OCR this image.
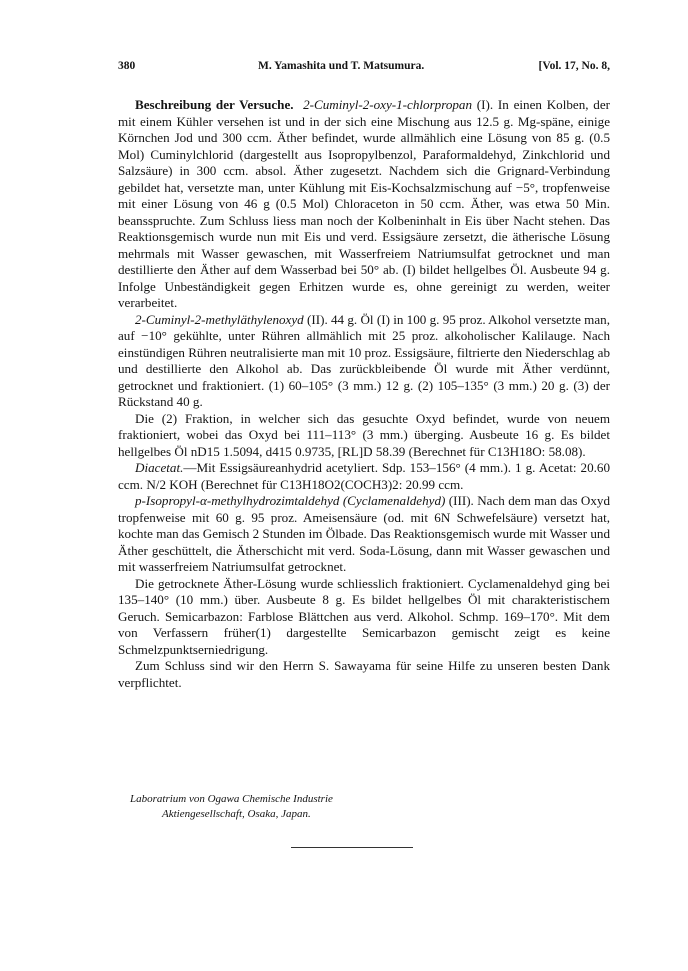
380	M. Yamashita und T. Matsumura.	[Vol. 17, No. 8,

Beschreibung der Versuche. 2-Cuminyl-2-oxy-1-chlorpropan (I). In einen Kolben, der mit einem Kühler versehen ist und in der sich eine Mischung aus 12.5 g. Mg-späne, einige Körnchen Jod und 300 ccm. Äther befindet, wurde allmählich eine Lösung von 85 g. (0.5 Mol) Cuminylchlorid (dargestellt aus Isopropylbenzol, Paraformaldehyd, Zinkchlorid und Salzsäure) in 300 ccm. absol. Äther zugesetzt. Nachdem sich die Grignard-Verbindung gebildet hat, versetzte man, unter Kühlung mit Eis-Kochsalzmischung auf −5°, tropfenweise mit einer Lösung von 46 g (0.5 Mol) Chloraceton in 50 ccm. Äther, was etwa 50 Min. beansspruchte. Zum Schluss liess man noch der Kolbeninhalt in Eis über Nacht stehen. Das Reaktionsgemisch wurde nun mit Eis und verd. Essigsäure zersetzt, die ätherische Lösung mehrmals mit Wasser gewaschen, mit Wasserfreiem Natriumsulfat getrocknet und man destillierte den Äther auf dem Wasserbad bei 50° ab. (I) bildet hellgelbes Öl. Ausbeute 94 g. Infolge Unbeständigkeit gegen Erhitzen wurde es, ohne gereinigt zu werden, weiter verarbeitet.

2-Cuminyl-2-methyläthylenoxyd (II). 44 g. Öl (I) in 100 g. 95 proz. Alkohol versetzte man, auf −10° gekühlte, unter Rühren allmählich mit 25 proz. alkoholischer Kalilauge. Nach einstündigen Rühren neutralisierte man mit 10 proz. Essigsäure, filtrierte den Niederschlag ab und destillierte den Alkohol ab. Das zurückbleibende Öl wurde mit Äther verdünnt, getrocknet und fraktioniert. (1) 60–105° (3 mm.) 12 g. (2) 105–135° (3 mm.) 20 g. (3) der Rückstand 40 g.

Die (2) Fraktion, in welcher sich das gesuchte Oxyd befindet, wurde von neuem fraktioniert, wobei das Oxyd bei 111–113° (3 mm.) überging. Ausbeute 16 g. Es bildet hellgelbes Öl nD15 1.5094, d415 0.9735, [RL]D 58.39 (Berechnet für C13H18O: 58.08).

Diacetat.—Mit Essigsäureanhydrid acetyliert. Sdp. 153–156° (4 mm.). 1 g. Acetat: 20.60 ccm. N/2 KOH (Berechnet für C13H18O2(COCH3)2: 20.99 ccm.

p-Isopropyl-α-methylhydrozimtaldehyd (Cyclamenaldehyd) (III). Nach dem man das Oxyd tropfenweise mit 60 g. 95 proz. Ameisensäure (od. mit 6N Schwefelsäure) versetzt hat, kochte man das Gemisch 2 Stunden im Ölbade. Das Reaktionsgemisch wurde mit Wasser und Äther geschüttelt, die Ätherschicht mit verd. Soda-Lösung, dann mit Wasser gewaschen und mit wasserfreiem Natriumsulfat getrocknet.

Die getrocknete Äther-Lösung wurde schliesslich fraktioniert. Cyclamenaldehyd ging bei 135–140° (10 mm.) über. Ausbeute 8 g. Es bildet hellgelbes Öl mit charakteristischem Geruch. Semicarbazon: Farblose Blättchen aus verd. Alkohol. Schmp. 169–170°. Mit dem von Verfassern früher(1) dargestellte Semicarbazon gemischt zeigt es keine Schmelzpunktserniedrigung.

Zum Schluss sind wir den Herrn S. Sawayama für seine Hilfe zu unseren besten Dank verpflichtet.

Laboratrium von Ogawa Chemische Industrie
Aktiengesellschaft, Osaka, Japan.
